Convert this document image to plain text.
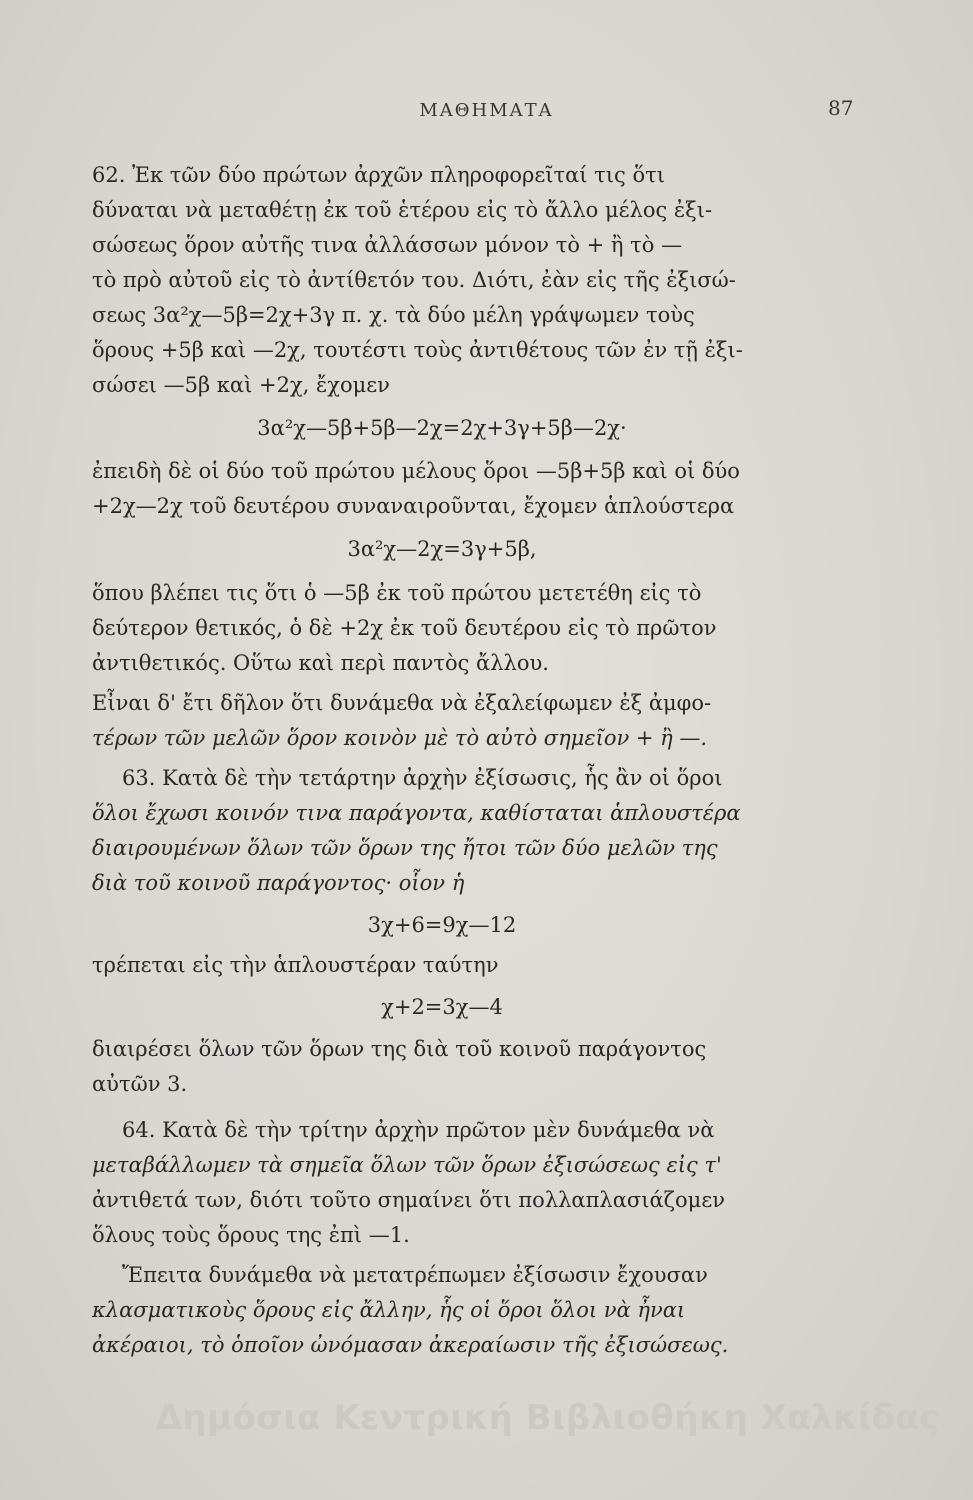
ΜΑΘΗΜΑΤΑ	87
62. Ἐκ τῶν δύο πρώτων ἀρχῶν πληροφορεῖταί τις ὅτι
δύναται νὰ μεταθέτῃ ἐκ τοῦ ἑτέρου εἰς τὸ ἄλλο μέλος ἐξι-
σώσεως ὅρον αὐτῆς τινα ἀλλάσσων μόνον τὸ + ἢ τὸ —
τὸ πρὸ αὐτοῦ εἰς τὸ ἀντίθετόν του. Διότι, ἐὰν εἰς τῆς ἐξισώ-
σεως 3α²χ—5β=2χ+3γ π. χ. τὰ δύο μέλη γράψωμεν τοὺς
ὅρους +5β καὶ —2χ, τουτέστι τοὺς ἀντιθέτους τῶν ἐν τῇ ἐξι-
σώσει —5β καὶ +2χ, ἔχομεν
3α²χ—5β+5β—2χ=2χ+3γ+5β—2χ·
ἐπειδὴ δὲ οἱ δύο τοῦ πρώτου μέλους ὅροι —5β+5β καὶ οἱ δύο
+2χ—2χ τοῦ δευτέρου συναναιροῦνται, ἔχομεν ἁπλούστερα
3α²χ—2χ=3γ+5β,
ὅπου βλέπει τις ὅτι ὁ —5β ἐκ τοῦ πρώτου μετετέθη εἰς τὸ
δεύτερον θετικός, ὁ δὲ +2χ ἐκ τοῦ δευτέρου εἰς τὸ πρῶτον
ἀντιθετικός. Οὕτω καὶ περὶ παντὸς ἄλλου.
Εἶναι δ' ἔτι δῆλον ὅτι δυνάμεθα νὰ ἐξαλείφωμεν ἐξ ἀμφο-
τέρων τῶν μελῶν ὅρον κοινὸν μὲ τὸ αὐτὸ σημεῖον + ἢ —.
63. Κατὰ δὲ τὴν τετάρτην ἀρχὴν ἐξίσωσις, ἧς ἂν οἱ ὅροι
ὅλοι ἔχωσι κοινόν τινα παράγοντα, καθίσταται ἁπλουστέρα
διαιρουμένων ὅλων τῶν ὅρων της ἤτοι τῶν δύο μελῶν της
διὰ τοῦ κοινοῦ παράγοντος· οἷον ἡ
3χ+6=9χ—12
τρέπεται εἰς τὴν ἁπλουστέραν ταύτην
χ+2=3χ—4
διαιρέσει ὅλων τῶν ὅρων της διὰ τοῦ κοινοῦ παράγοντος
αὐτῶν 3.
64. Κατὰ δὲ τὴν τρίτην ἀρχὴν πρῶτον μὲν δυνάμεθα νὰ
μεταβάλλωμεν τὰ σημεῖα ὅλων τῶν ὅρων ἐξισώσεως εἰς τ'
ἀντιθετά των, διότι τοῦτο σημαίνει ὅτι πολλαπλασιάζομεν
ὅλους τοὺς ὅρους της ἐπὶ —1.
Ἔπειτα δυνάμεθα νὰ μετατρέπωμεν ἐξίσωσιν ἔχουσαν
κλασματικοὺς ὅρους εἰς ἄλλην, ἧς οἱ ὅροι ὅλοι νὰ ἦναι
ἀκέραιοι, τὸ ὁποῖον ὠνόμασαν ἀκεραίωσιν τῆς ἐξισώσεως.
Δημόσια Κεντρική Βιβλιοθήκη Χαλκίδας
